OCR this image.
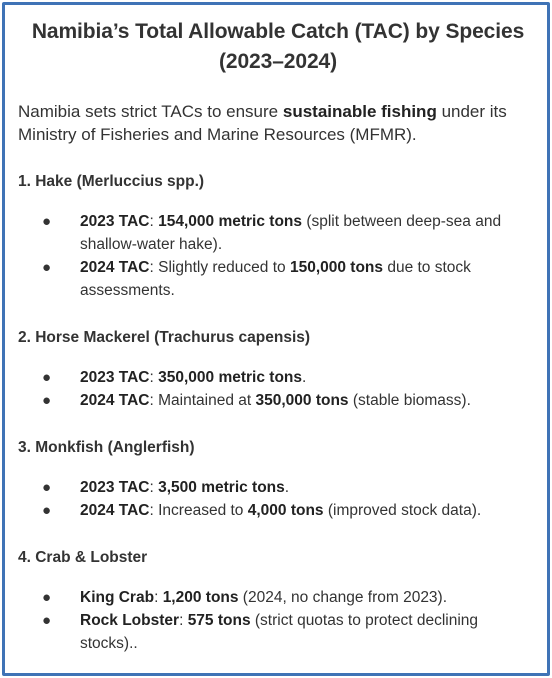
Namibia’s Total Allowable Catch (TAC) by Species (2023–2024)

Namibia sets strict TACs to ensure sustainable fishing under its Ministry of Fisheries and Marine Resources (MFMR).

1. Hake (Merluccius spp.)
● 2023 TAC: 154,000 metric tons (split between deep-sea and shallow-water hake).
● 2024 TAC: Slightly reduced to 150,000 tons due to stock assessments.
2. Horse Mackerel (Trachurus capensis)
● 2023 TAC: 350,000 metric tons.
● 2024 TAC: Maintained at 350,000 tons (stable biomass).
3. Monkfish (Anglerfish)
● 2023 TAC: 3,500 metric tons.
● 2024 TAC: Increased to 4,000 tons (improved stock data).
4. Crab & Lobster
● King Crab: 1,200 tons (2024, no change from 2023).
● Rock Lobster: 575 tons (strict quotas to protect declining stocks)..
